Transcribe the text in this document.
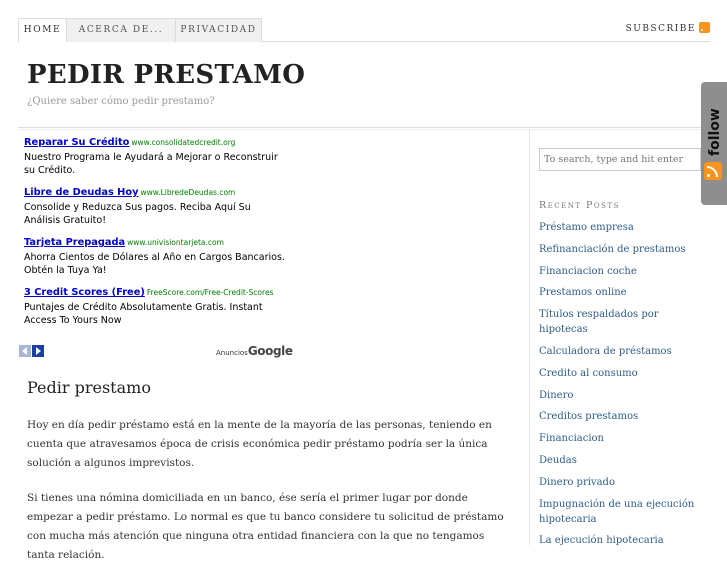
HOME	ACERCA DE...	PRIVACIDAD	SUBSCRIBE
PEDIR PRESTAMO
¿Quiere saber cómo pedir prestamo?
Reparar Su Crédito www.consolidatedcredit.org
Nuestro Programa le Ayudará a Mejorar o Reconstruir su Crédito.
Libre de Deudas Hoy www.LibredeDeudas.com
Consolide y Reduzca Sus pagos. Reciba Aquí Su Análisis Gratuito!
Tarjeta Prepagada www.univisiontarjeta.com
Ahorra Cientos de Dólares al Año en Cargos Bancarios. Obtén la Tuya Ya!
3 Credit Scores (Free) FreeScore.com/Free-Credit-Scores
Puntajes de Crédito Absolutamente Gratis. Instant Access To Yours Now
AnunciosGoogle
Pedir prestamo

Hoy en día pedir préstamo está en la mente de la mayoría de las personas, teniendo en cuenta que atravesamos época de crisis económica pedir préstamo podría ser la única solución a algunos imprevistos.

Si tienes una nómina domiciliada en un banco, ése sería el primer lugar por donde empezar a pedir préstamo. Lo normal es que tu banco considere tu solicitud de préstamo con mucha más atención que ninguna otra entidad financiera con la que no tengamos tanta relación.

To search, type and hit enter
Recent Posts
Préstamo empresa
Refinanciación de prestamos
Financiacion coche
Prestamos online
Títulos respaldados por hipotecas
Calculadora de préstamos
Credito al consumo
Dinero
Creditos prestamos
Financiacion
Deudas
Dinero privado
Impugnación de una ejecución hipotecaria
La ejecución hipotecaria
follow
